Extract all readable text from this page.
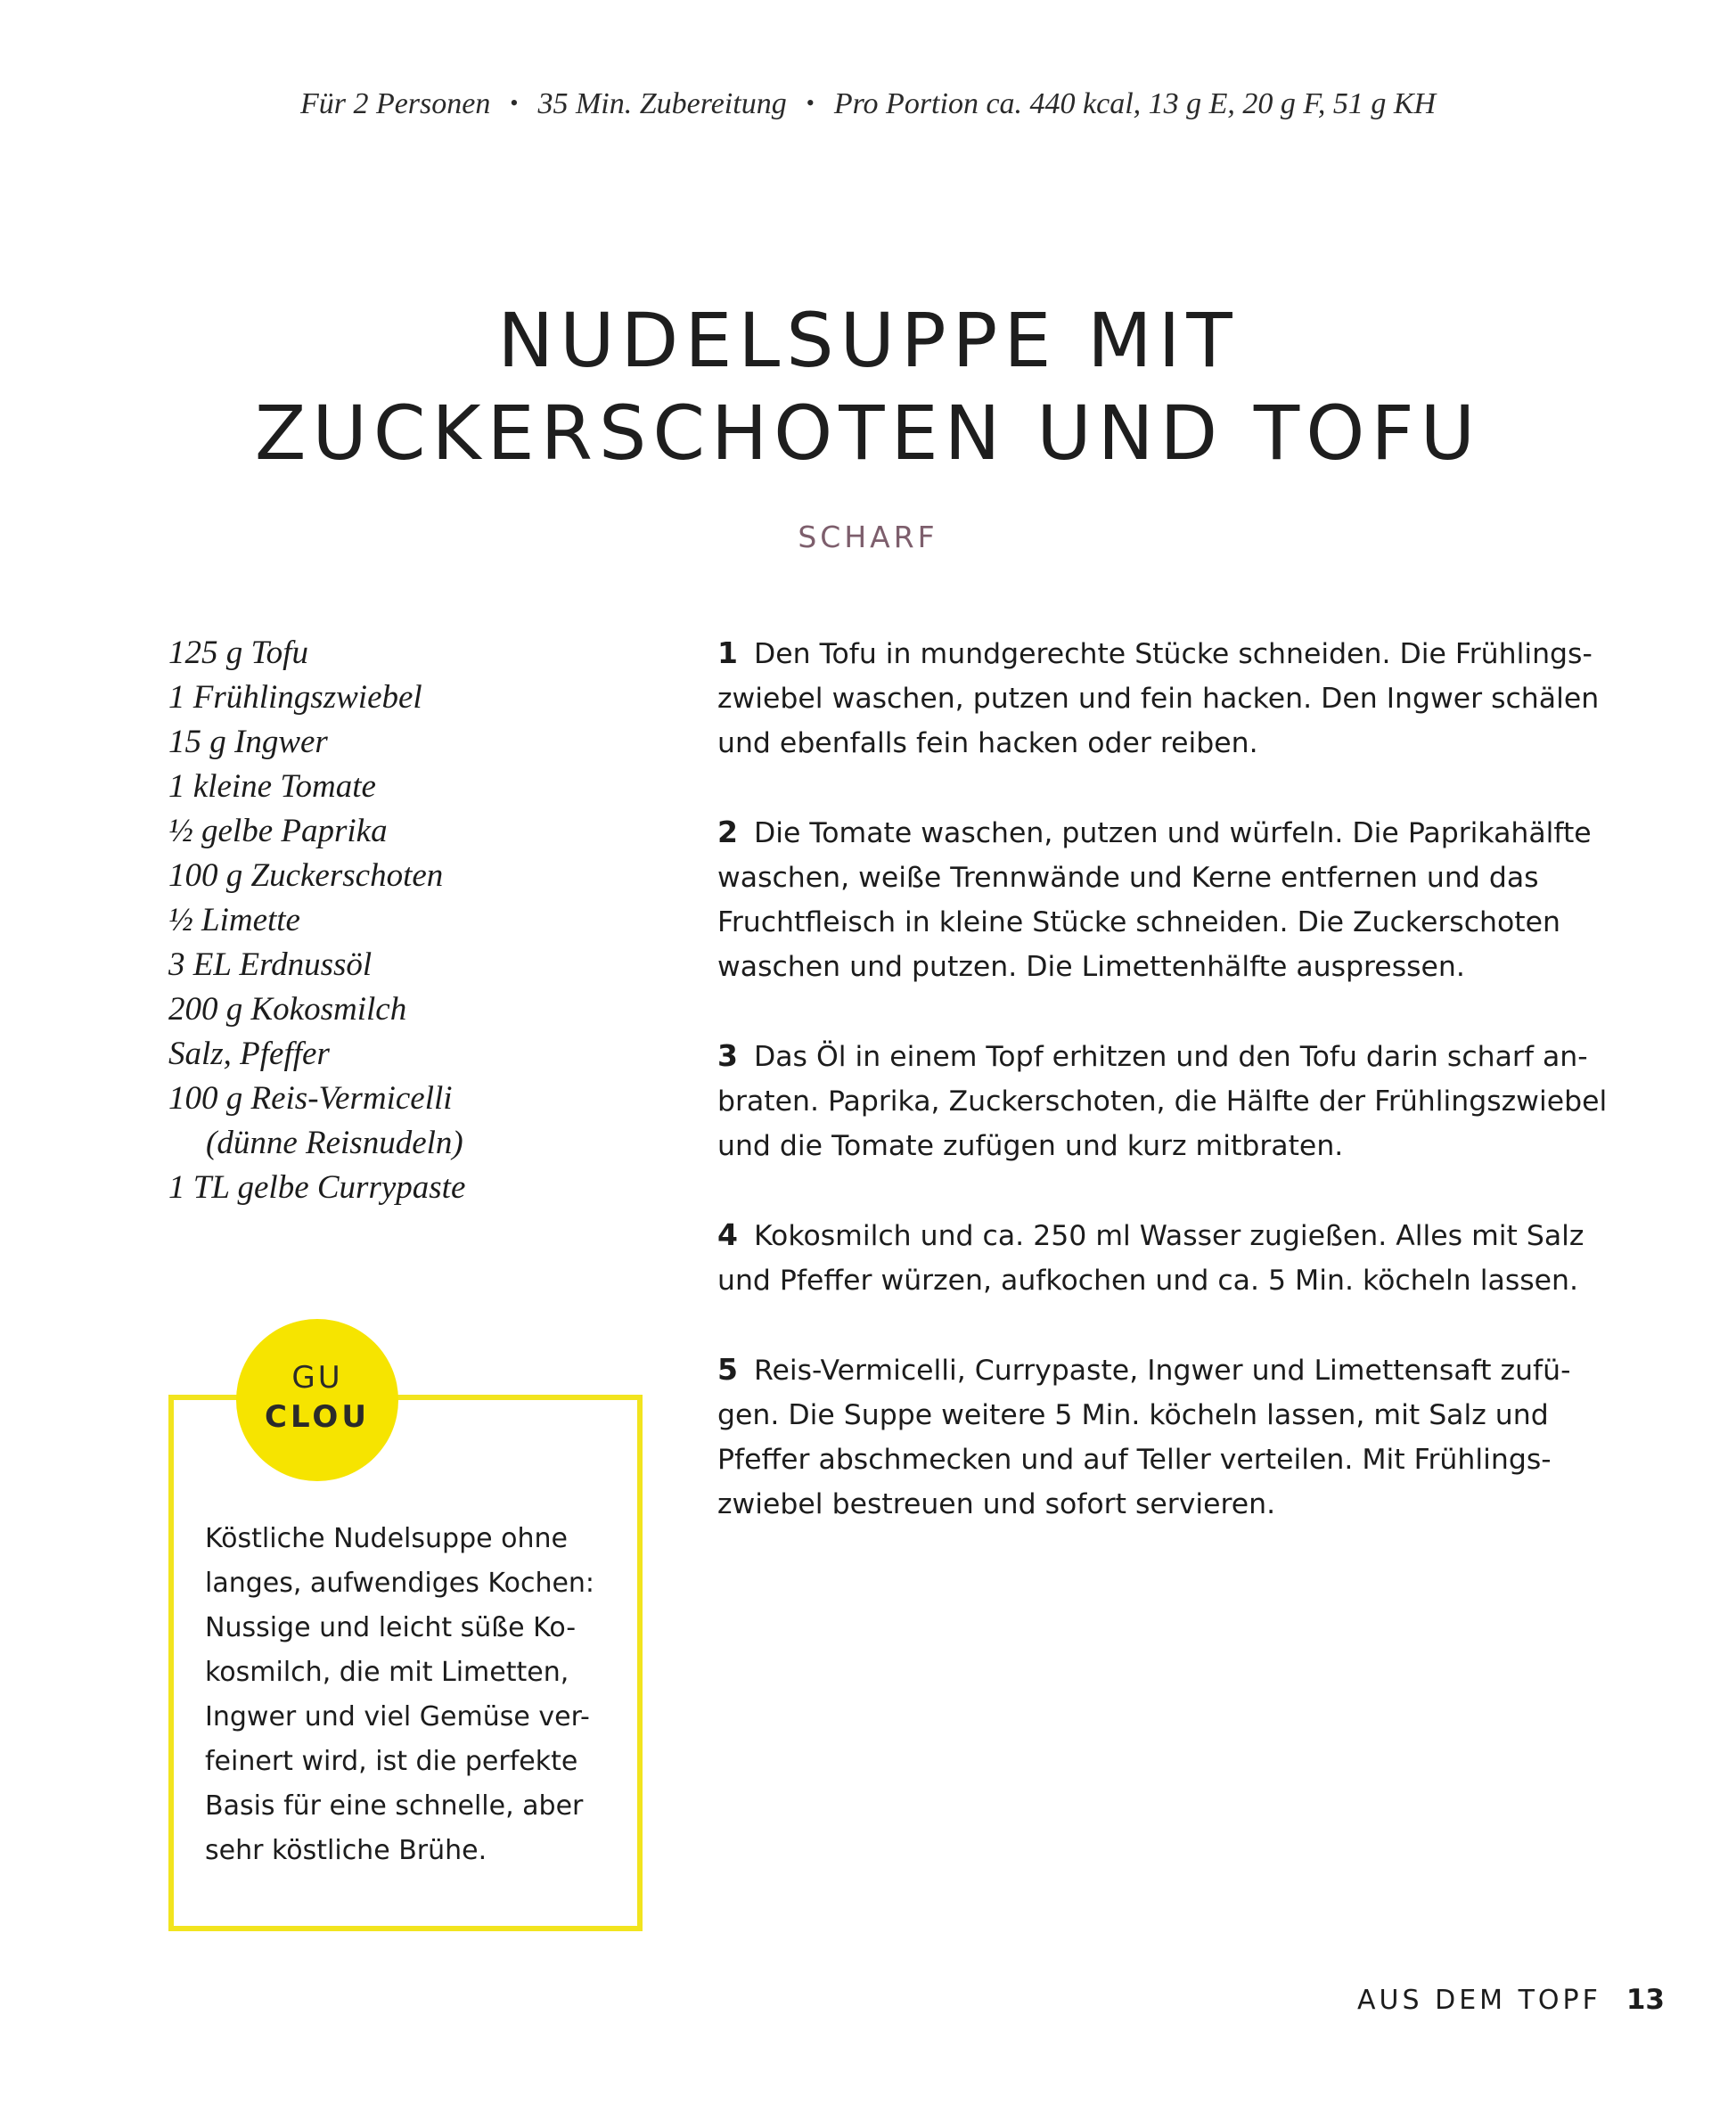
Für 2 Personen • 35 Min. Zubereitung • Pro Portion ca. 440 kcal, 13 g E, 20 g F, 51 g KH
NUDELSUPPE MIT
ZUCKERSCHOTEN UND TOFU
SCHARF
125 g Tofu
1 Frühlingszwiebel
15 g Ingwer
1 kleine Tomate
½ gelbe Paprika
100 g Zuckerschoten
½ Limette
3 EL Erdnussöl
200 g Kokosmilch
Salz, Pfeffer
100 g Reis-Vermicelli
(dünne Reisnudeln)
1 TL gelbe Currypaste
1 Den Tofu in mundgerechte Stücke schneiden. Die Frühlings-
zwiebel waschen, putzen und fein hacken. Den Ingwer schälen
und ebenfalls fein hacken oder reiben.
2 Die Tomate waschen, putzen und würfeln. Die Paprikahälfte
waschen, weiße Trennwände und Kerne entfernen und das
Fruchtfleisch in kleine Stücke schneiden. Die Zuckerschoten
waschen und putzen. Die Limettenhälfte auspressen.
3 Das Öl in einem Topf erhitzen und den Tofu darin scharf an-
braten. Paprika, Zuckerschoten, die Hälfte der Frühlingszwiebel
und die Tomate zufügen und kurz mitbraten.
4 Kokosmilch und ca. 250 ml Wasser zugießen. Alles mit Salz
und Pfeffer würzen, aufkochen und ca. 5 Min. köcheln lassen.
5 Reis-Vermicelli, Currypaste, Ingwer und Limettensaft zufü-
gen. Die Suppe weitere 5 Min. köcheln lassen, mit Salz und
Pfeffer abschmecken und auf Teller verteilen. Mit Frühlings-
zwiebel bestreuen und sofort servieren.
GU
CLOU
Köstliche Nudelsuppe ohne
langes, aufwendiges Kochen:
Nussige und leicht süße Ko-
kosmilch, die mit Limetten,
Ingwer und viel Gemüse ver-
feinert wird, ist die perfekte
Basis für eine schnelle, aber
sehr köstliche Brühe.
AUS DEM TOPF 13
